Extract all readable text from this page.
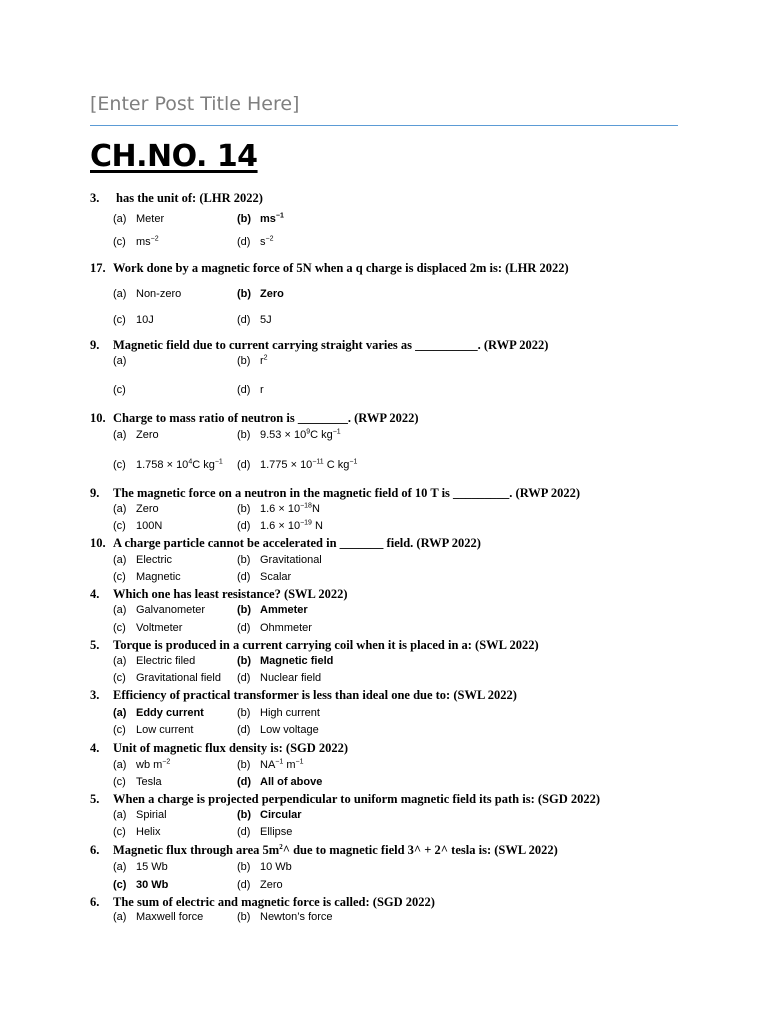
[Enter Post Title Here]
CH.NO. 14
3. has the unit of: (LHR 2022)
(a) Meter	(b) $ms^{-1}$
(c) $ms^{-2}$	(d) $s^{-2}$
17. Work done by a magnetic force of 5N when a q charge is displaced 2m is: (LHR 2022)
(a) Non-zero	(b) Zero
(c) 10J	(d) 5J
9. Magnetic field due to current carrying straight varies as __________. (RWP 2022)
(a)	(b) $r^2$
(c)	(d) r
10. Charge to mass ratio of neutron is ________. (RWP 2022)
(a) Zero	(b) $9.53 \times 10^9C$ $kg^{-1}$
(c) $1.758 \times 10^4C$ $kg^{-1}$ (d) $1.775 \times 10^{-11}$ C $kg^{-1}$
9. The magnetic force on a neutron in the magnetic field of 10 T is _________. (RWP 2022)
(a) Zero	(b) $1.6 \times 10^{-18}N$
(c) 100N	(d) $1.6 \times 10^{-19}$ N
10. A charge particle cannot be accelerated in _______ field. (RWP 2022)
(a) Electric	(b) Gravitational
(c) Magnetic	(d) Scalar
4. Which one has least resistance? (SWL 2022)
(a) Galvanometer	(b) Ammeter
(c) Voltmeter	(d) Ohmmeter
5. Torque is produced in a current carrying coil when it is placed in a: (SWL 2022)
(a) Electric filed	(b) Magnetic field
(c) Gravitational field (d) Nuclear field
3. Efficiency of practical transformer is less than ideal one due to: (SWL 2022)
(a) Eddy current	(b) High current
(c) Low current	(d) Low voltage
4. Unit of magnetic flux density is: (SGD 2022)
(a) wb $m^{-2}$	(b) $NA^{-1}$ $m^{-1}$
(c) Tesla	(d) All of above
5. When a charge is projected perpendicular to uniform magnetic field its path is: (SGD 2022)
(a) Spirial	(b) Circular
(c) Helix	(d) Ellipse
6. Magnetic flux through area $5m^2\^{}$ due to magnetic field 3^ + 2^ tesla is: (SWL 2022)
(a) 15 Wb	(b) 10 Wb
(c) 30 Wb	(d) Zero
6. The sum of electric and magnetic force is called: (SGD 2022)
(a) Maxwell force	(b) Newton’s force
